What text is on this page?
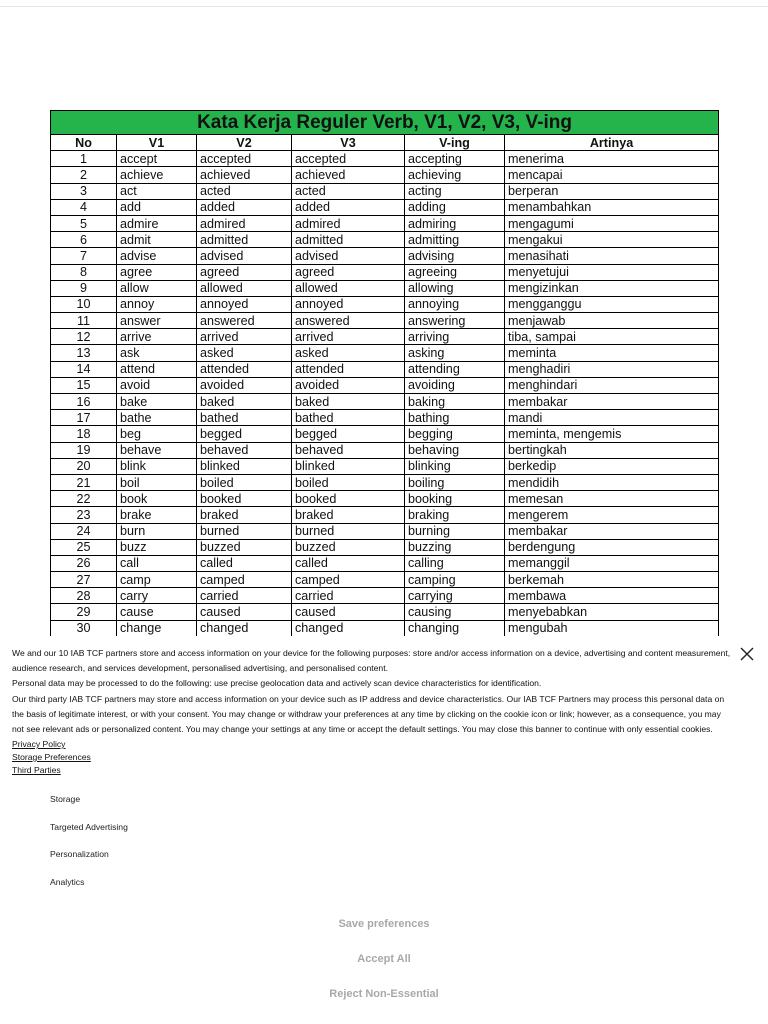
Kata Kerja Reguler Verb, V1, V2, V3, V-ing					
No	V1	V2	V3	V-ing	Artinya
1	accept	accepted	accepted	accepting	menerima
2	achieve	achieved	achieved	achieving	mencapai
3	act	acted	acted	acting	berperan
4	add	added	added	adding	menambahkan
5	admire	admired	admired	admiring	mengagumi
6	admit	admitted	admitted	admitting	mengakui
7	advise	advised	advised	advising	menasihati
8	agree	agreed	agreed	agreeing	menyetujui
9	allow	allowed	allowed	allowing	mengizinkan
10	annoy	annoyed	annoyed	annoying	mengganggu
11	answer	answered	answered	answering	menjawab
12	arrive	arrived	arrived	arriving	tiba, sampai
13	ask	asked	asked	asking	meminta
14	attend	attended	attended	attending	menghadiri
15	avoid	avoided	avoided	avoiding	menghindari
16	bake	baked	baked	baking	membakar
17	bathe	bathed	bathed	bathing	mandi
18	beg	begged	begged	begging	meminta, mengemis
19	behave	behaved	behaved	behaving	bertingkah
20	blink	blinked	blinked	blinking	berkedip
21	boil	boiled	boiled	boiling	mendidih
22	book	booked	booked	booking	memesan
23	brake	braked	braked	braking	mengerem
24	burn	burned	burned	burning	membakar
25	buzz	buzzed	buzzed	buzzing	berdengung
26	call	called	called	calling	memanggil
27	camp	camped	camped	camping	berkemah
28	carry	carried	carried	carrying	membawa
29	cause	caused	caused	causing	menyebabkan
30	change	changed	changed	changing	mengubah

We and our 10 IAB TCF partners store and access information on your device for the following purposes: store and/or access information on a device, advertising and content measurement, audience research, and services development, personalised advertising, and personalised content.

Personal data may be processed to do the following: use precise geolocation data and actively scan device characteristics for identification.

Our third party IAB TCF partners may store and access information on your device such as IP address and device characteristics. Our IAB TCF Partners may process this personal data on the basis of legitimate interest, or with your consent. You may change or withdraw your preferences at any time by clicking on the cookie icon or link; however, as a consequence, you may not see relevant ads or personalized content. You may change your settings at any time or accept the default settings. You may close this banner to continue with only essential cookies. Privacy Policy

Storage Preferences
Third Parties
Storage
Targeted Advertising
Personalization
Analytics
Save preferences
Accept All
Reject Non-Essential
